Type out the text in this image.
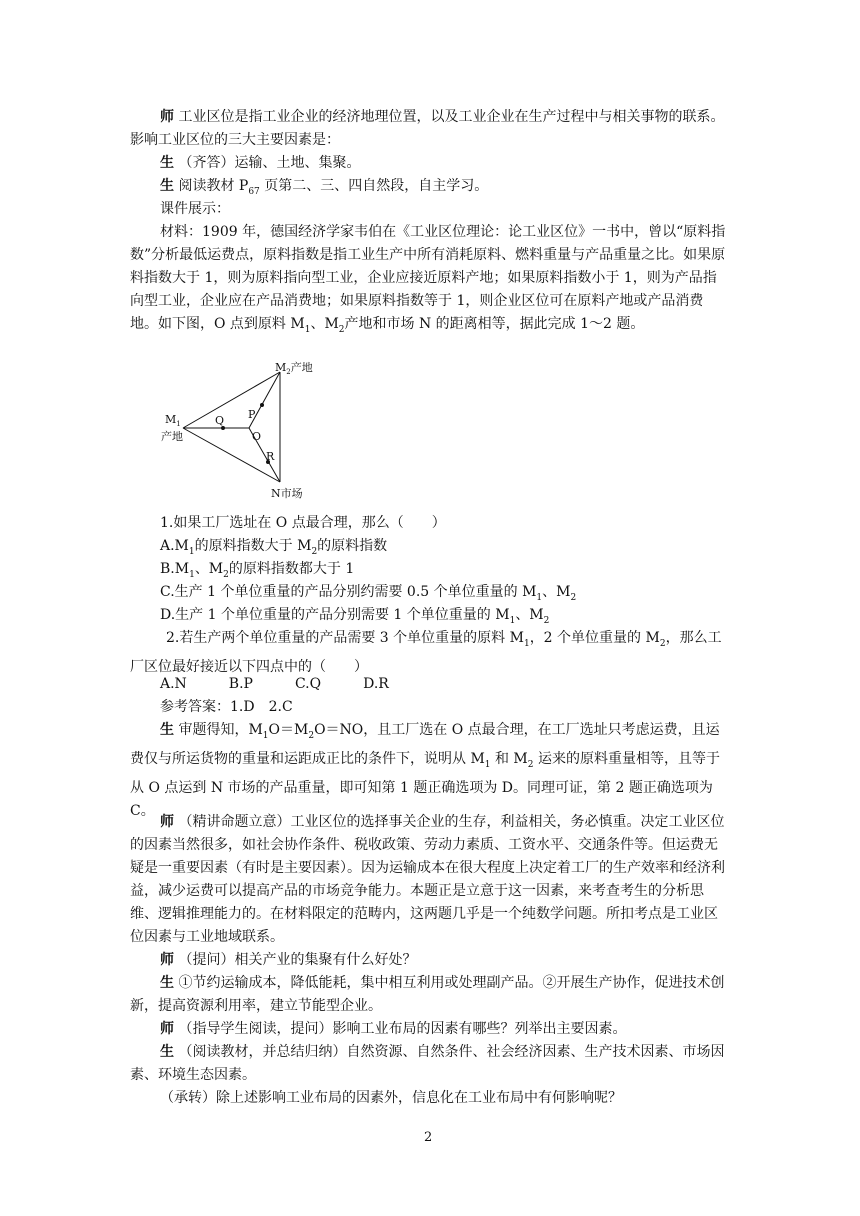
师 工业区位是指工业企业的经济地理位置，以及工业企业在生产过程中与相关事物的联系。影响工业区位的三大主要因素是：

生 （齐答）运输、土地、集聚。

生 阅读教材 $P_{67}$ 页第二、三、四自然段，自主学习。

课件展示：

材料：1909 年，德国经济学家韦伯在《工业区位理论：论工业区位》一书中，曾以“原料指数”分析最低运费点，原料指数是指工业生产中所有消耗原料、燃料重量与产品重量之比。如果原料指数大于 1，则为原料指向型工业，企业应接近原料产地；如果原料指数小于 1，则为产品指向型工业，企业应在产品消费地；如果原料指数等于 1，则企业区位可在原料产地或产品消费地。如下图，O 点到原料 $M_1$、$M_2$产地和市场 N 的距离相等，据此完成 1～2 题。

$M_2$产地
$M_1$
产地
N市场
Q P
O
R

1.如果工厂选址在 O 点最合理，那么（　　）

$A.M_1$的原料指数大于 $M_2$的原料指数

$B.M_1$、$M_2$的原料指数都大于 1

C.生产 1 个单位重量的产品分别约需要 0.5 个单位重量的 $M_1$、$M_2$

D.生产 1 个单位重量的产品分别需要 1 个单位重量的 $M_1$、$M_2$

2.若生产两个单位重量的产品需要 3 个单位重量的原料 $M_1$，2 个单位重量的 $M_2$，那么工厂区位最好接近以下四点中的（　　）

A.N　　　B.P　　　C.Q　　　D.R

参考答案：1.D　2.C

生 审题得知，$M_1O=M_2O=NO$，且工厂选在 O 点最合理，在工厂选址只考虑运费，且运费仅与所运货物的重量和运距成正比的条件下，说明从 $M_1$ 和 $M_2$ 运来的原料重量相等，且等于从 O 点运到 N 市场的产品重量，即可知第 1 题正确选项为 D。同理可证，第 2 题正确选项为 C。

师 （精讲命题立意）工业区位的选择事关企业的生存，利益相关，务必慎重。决定工业区位的因素当然很多，如社会协作条件、税收政策、劳动力素质、工资水平、交通条件等。但运费无疑是一重要因素（有时是主要因素）。因为运输成本在很大程度上决定着工厂的生产效率和经济利益，减少运费可以提高产品的市场竞争能力。本题正是立意于这一因素，来考查考生的分析思维、逻辑推理能力的。在材料限定的范畴内，这两题几乎是一个纯数学问题。所扣考点是工业区位因素与工业地域联系。

师 （提问）相关产业的集聚有什么好处？

生 ①节约运输成本，降低能耗，集中相互利用或处理副产品。②开展生产协作，促进技术创新，提高资源利用率，建立节能型企业。

师 （指导学生阅读，提问）影响工业布局的因素有哪些？列举出主要因素。

生 （阅读教材，并总结归纳）自然资源、自然条件、社会经济因素、生产技术因素、市场因素、环境生态因素。

（承转）除上述影响工业布局的因素外，信息化在工业布局中有何影响呢？

2
